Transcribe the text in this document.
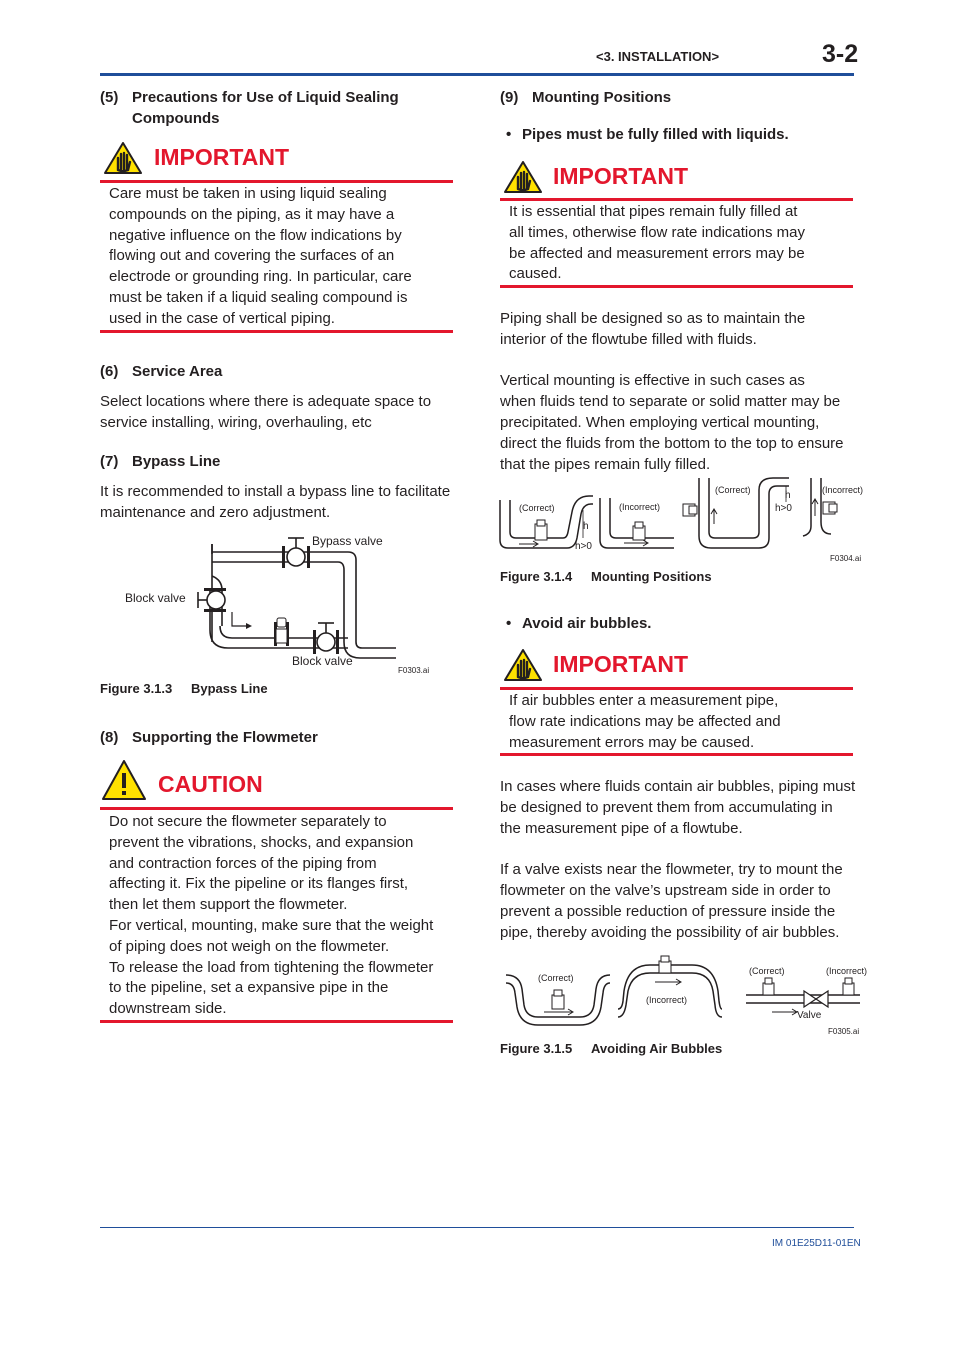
<3. INSTALLATION>	3-2
IM 01E25D11-01EN
(5) Precautions for Use of Liquid Sealing
Compounds
IMPORTANT
Care must be taken in using liquid sealing
compounds on the piping, as it may have a
negative influence on the flow indications by
flowing out and covering the surfaces of an
electrode or grounding ring. In particular, care
must be taken if a liquid sealing compound is
used in the case of vertical piping.
(6) Service Area
Select locations where there is adequate space to
service installing, wiring, overhauling, etc
(7) Bypass Line
It is recommended to install a bypass line to facilitate
maintenance and zero adjustment.
Bypass valve
Block valve
Block valve
F0303.ai
Figure 3.1.3 Bypass Line
(8) Supporting the Flowmeter
CAUTION
Do not secure the flowmeter separately to
prevent the vibrations, shocks, and expansion
and contraction forces of the piping from
affecting it. Fix the pipeline or its flanges first,
then let them support the flowmeter.
For vertical, mounting, make sure that the weight
of piping does not weigh on the flowmeter.
To release the load from tightening the flowmeter
to the pipeline, set a expansive pipe in the
downstream side.
(9) Mounting Positions
• Pipes must be fully filled with liquids.
IMPORTANT
It is essential that pipes remain fully filled at
all times, otherwise flow rate indications may
be affected and measurement errors may be
caused.
Piping shall be designed so as to maintain the
interior of the flowtube filled with fluids.
Vertical mounting is effective in such cases as
when fluids tend to separate or solid matter may be
precipitated. When employing vertical mounting,
direct the fluids from the bottom to the top to ensure
that the pipes remain fully filled.
(Correct)	(Incorrect)
(Correct)	(Incorrect)
h
h>0
h
h>0
F0304.ai
Figure 3.1.4 Mounting Positions
• Avoid air bubbles.
IMPORTANT
If air bubbles enter a measurement pipe,
flow rate indications may be affected and
measurement errors may be caused.
In cases where fluids contain air bubbles, piping must
be designed to prevent them from accumulating in
the measurement pipe of a flowtube.
If a valve exists near the flowmeter, try to mount the
flowmeter on the valve’s upstream side in order to
prevent a possible reduction of pressure inside the
pipe, thereby avoiding the possibility of air bubbles.
(Correct)
(Incorrect)
(Correct)	(Incorrect)
Valve
F0305.ai
Figure 3.1.5 Avoiding Air Bubbles
